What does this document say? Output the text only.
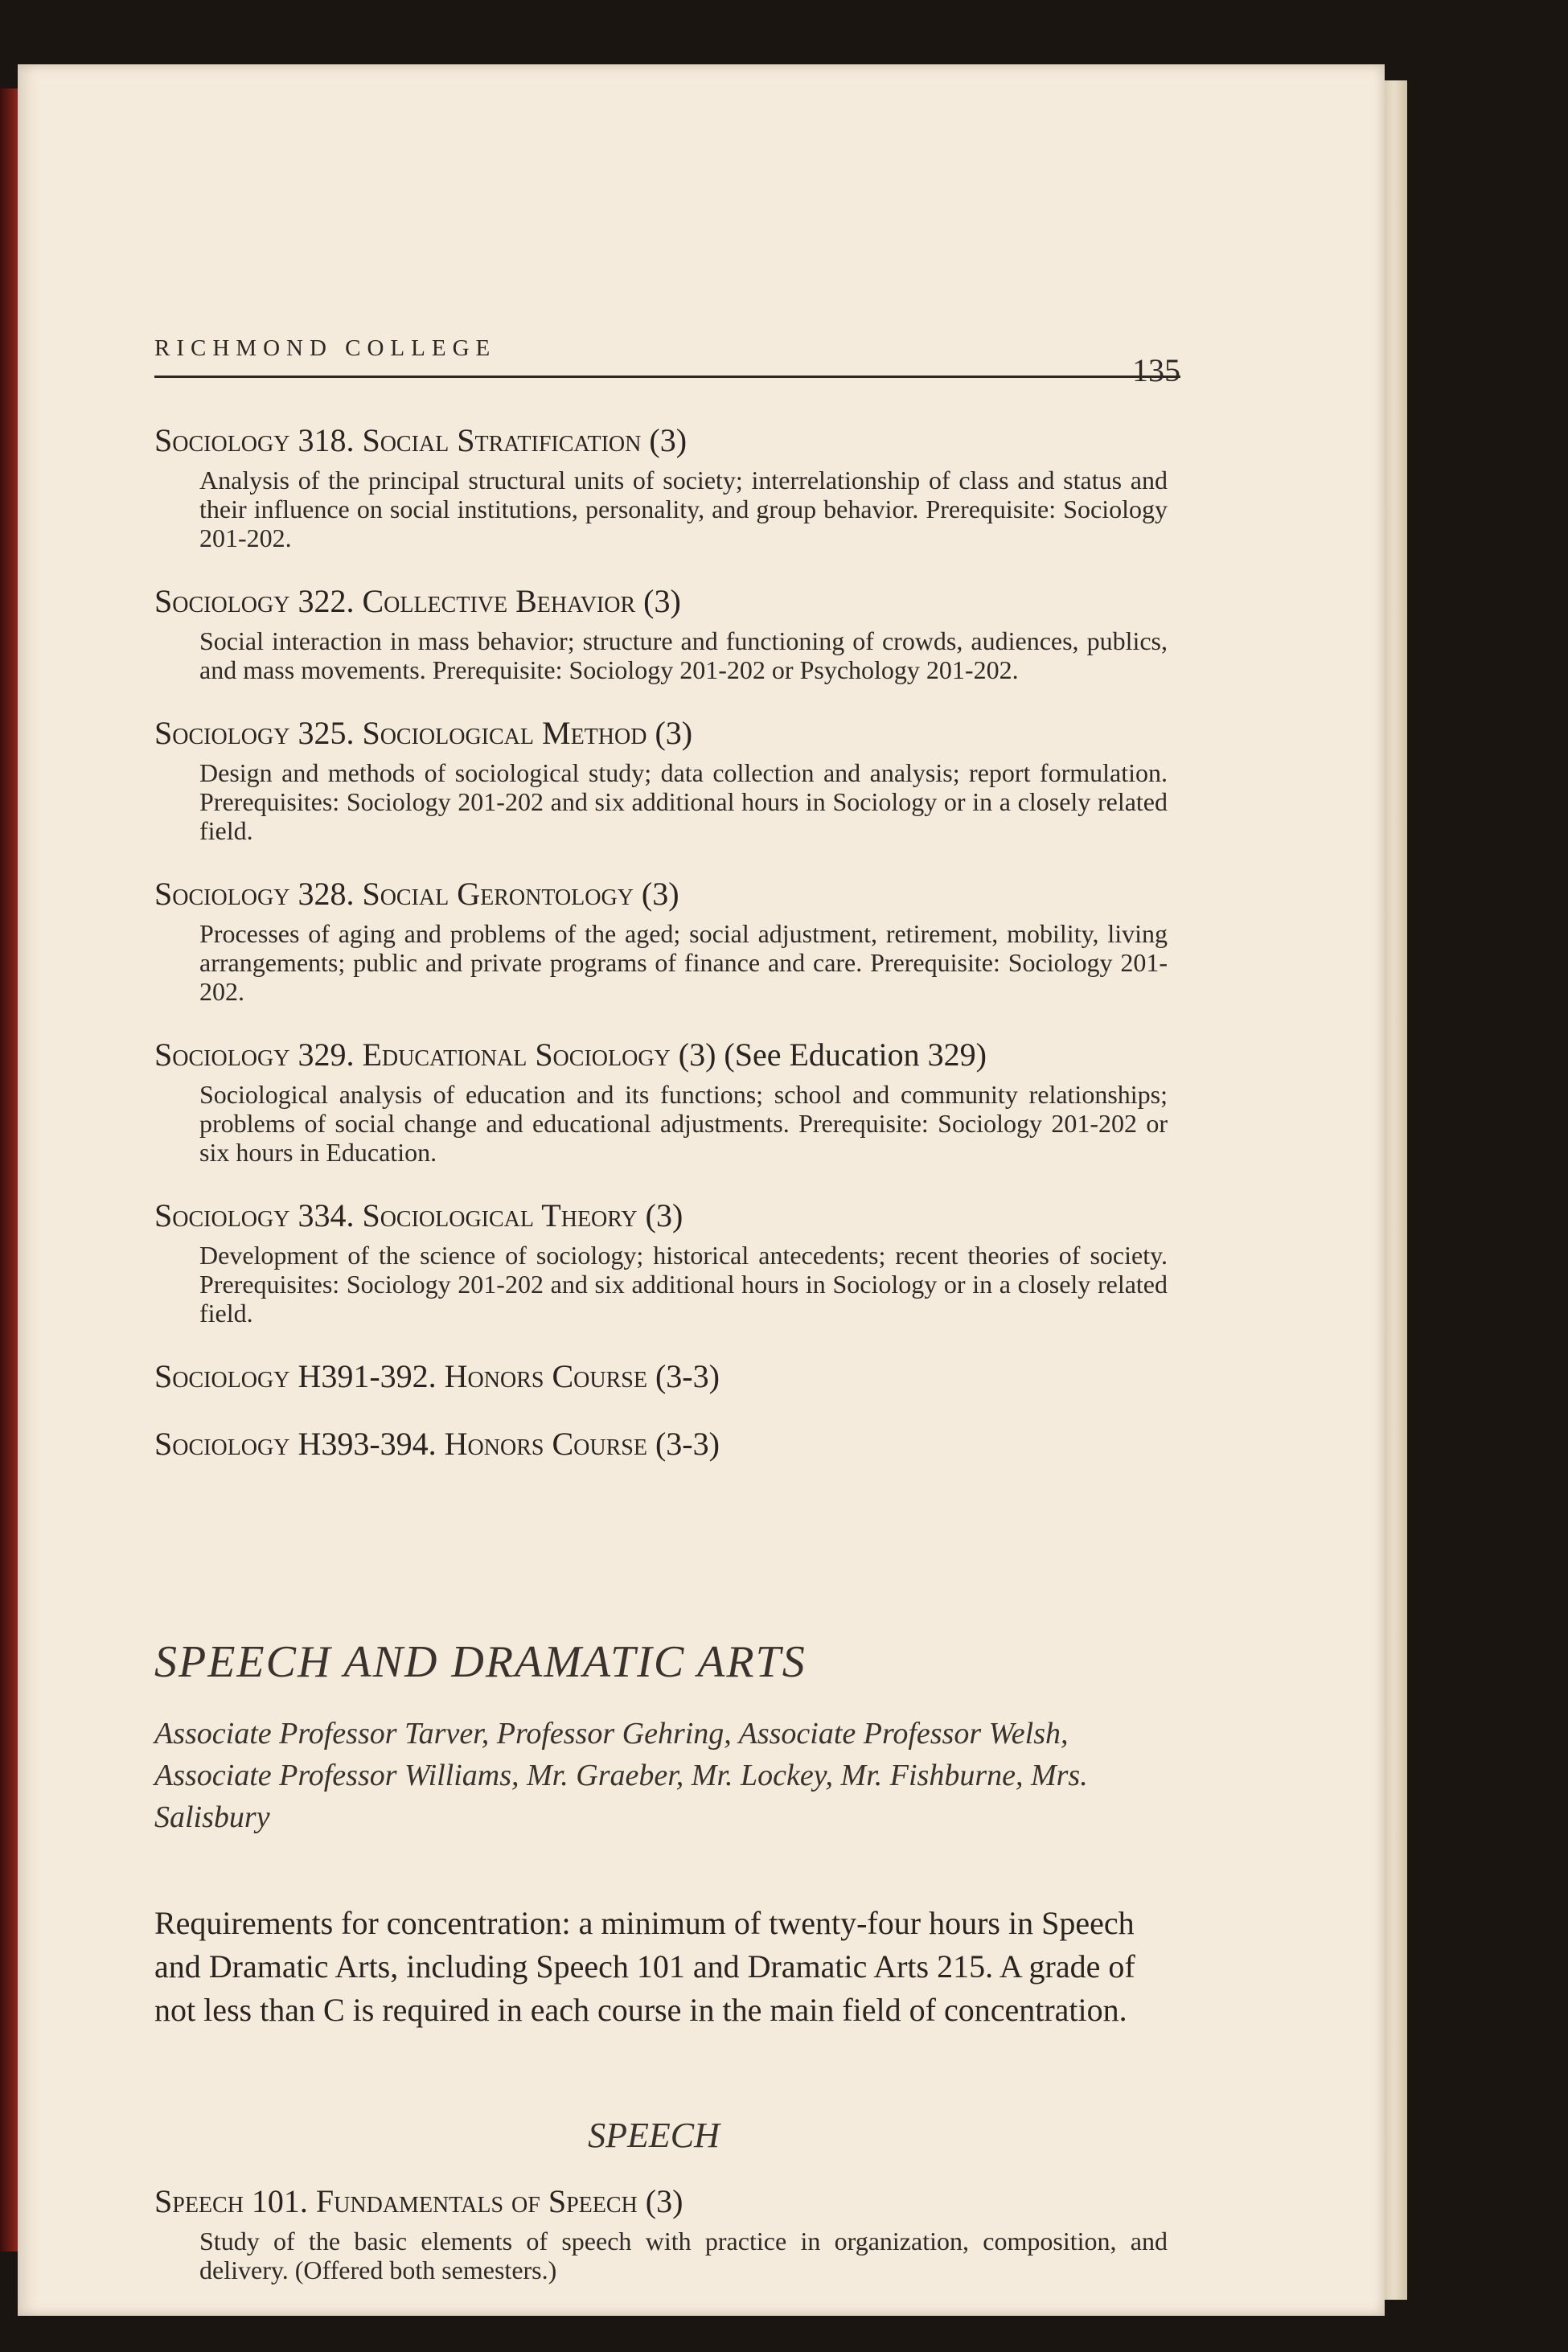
RICHMOND COLLEGE
135
Sociology 318. Social Stratification (3)
Analysis of the principal structural units of society; interrelationship of class and status and their influence on social institutions, personality, and group behavior. Prerequisite: Sociology 201-202.
Sociology 322. Collective Behavior (3)
Social interaction in mass behavior; structure and functioning of crowds, audiences, publics, and mass movements. Prerequisite: Sociology 201-202 or Psychology 201-202.
Sociology 325. Sociological Method (3)
Design and methods of sociological study; data collection and analysis; report formulation. Prerequisites: Sociology 201-202 and six additional hours in Sociology or in a closely related field.
Sociology 328. Social Gerontology (3)
Processes of aging and problems of the aged; social adjustment, retirement, mobility, living arrangements; public and private programs of finance and care. Prerequisite: Sociology 201-202.
Sociology 329. Educational Sociology (3) (See Education 329)
Sociological analysis of education and its functions; school and community relationships; problems of social change and educational adjustments. Prerequisite: Sociology 201-202 or six hours in Education.
Sociology 334. Sociological Theory (3)
Development of the science of sociology; historical antecedents; recent theories of society. Prerequisites: Sociology 201-202 and six additional hours in Sociology or in a closely related field.
Sociology H391-392. Honors Course (3-3)
Sociology H393-394. Honors Course (3-3)
SPEECH AND DRAMATIC ARTS
Associate Professor Tarver, Professor Gehring, Associate Professor Welsh, Associate Professor Williams, Mr. Graeber, Mr. Lockey, Mr. Fishburne, Mrs. Salisbury
Requirements for concentration: a minimum of twenty-four hours in Speech and Dramatic Arts, including Speech 101 and Dramatic Arts 215. A grade of not less than C is required in each course in the main field of concentration.
SPEECH
Speech 101. Fundamentals of Speech (3)
Study of the basic elements of speech with practice in organization, composition, and delivery. (Offered both semesters.)
